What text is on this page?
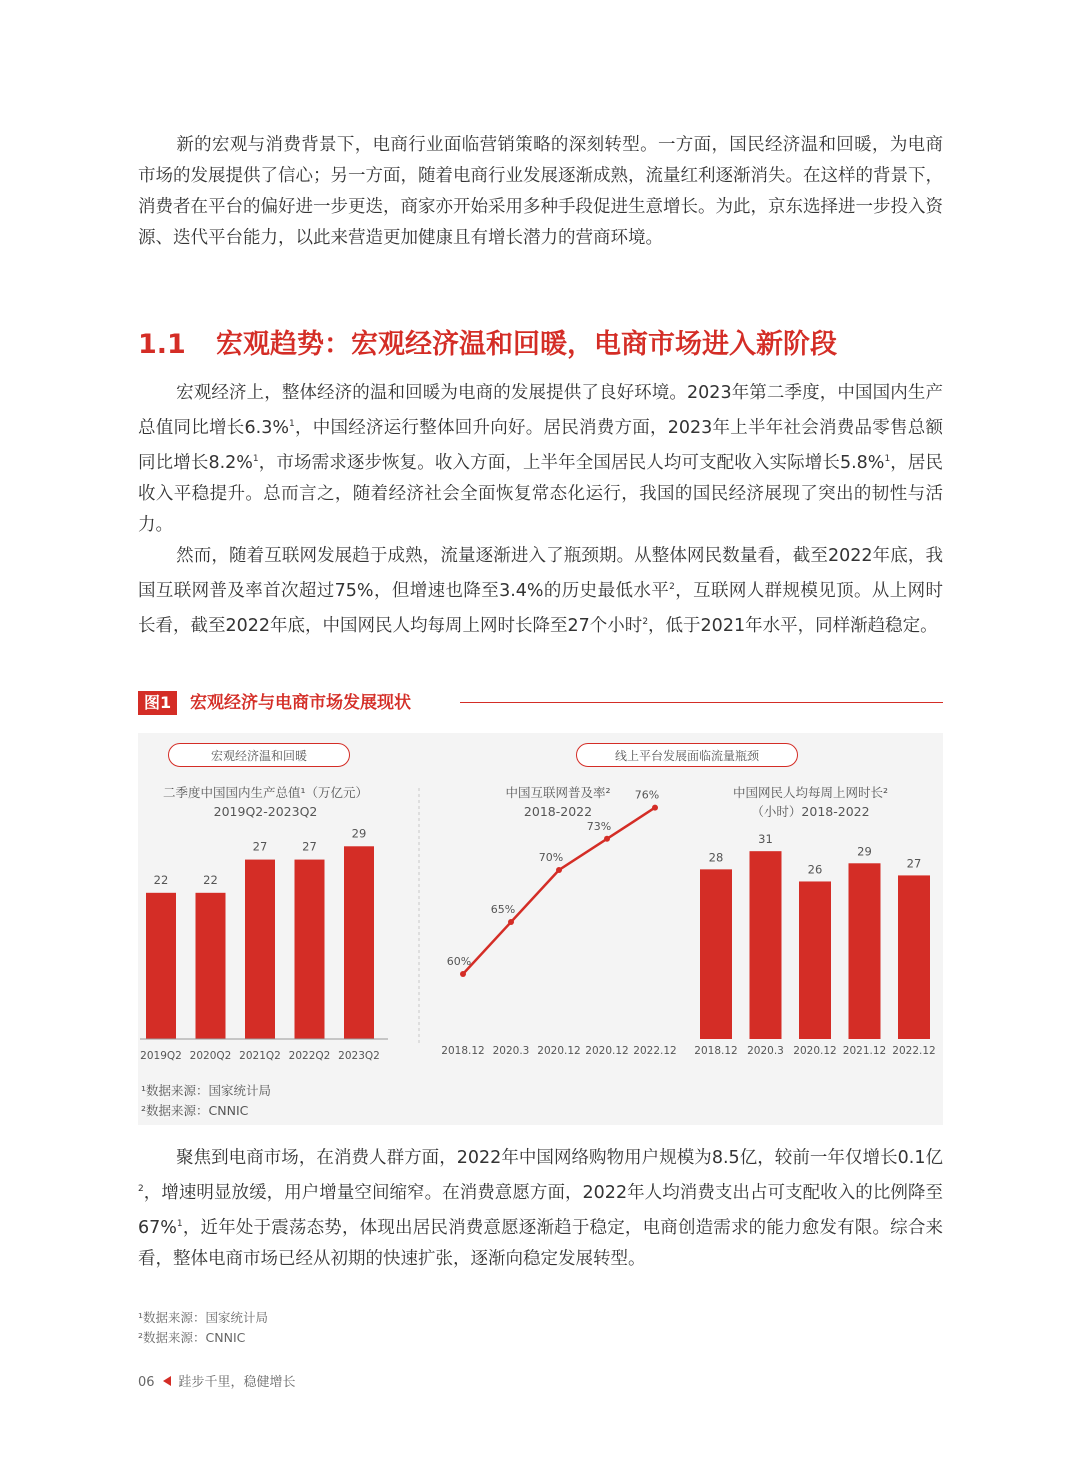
新的宏观与消费背景下，电商行业面临营销策略的深刻转型。一方面，国民经济温和回暖，为电商市场的发展提供了信心；另一方面，随着电商行业发展逐渐成熟，流量红利逐渐消失。在这样的背景下，消费者在平台的偏好进一步更迭，商家亦开始采用多种手段促进生意增长。为此，京东选择进一步投入资源、迭代平台能力，以此来营造更加健康且有增长潜力的营商环境。

1.1 宏观趋势：宏观经济温和回暖，电商市场进入新阶段

宏观经济上，整体经济的温和回暖为电商的发展提供了良好环境。2023年第二季度，中国国内生产总值同比增长6.3%$^1$，中国经济运行整体回升向好。居民消费方面，2023年上半年社会消费品零售总额同比增长8.2%$^1$，市场需求逐步恢复。收入方面，上半年全国居民人均可支配收入实际增长5.8%$^1$，居民收入平稳提升。总而言之，随着经济社会全面恢复常态化运行，我国的国民经济展现了突出的韧性与活力。

然而，随着互联网发展趋于成熟，流量逐渐进入了瓶颈期。从整体网民数量看，截至2022年底，我国互联网普及率首次超过75%，但增速也降至3.4%的历史最低水平$^2$，互联网人群规模见顶。从上网时长看，截至2022年底，中国网民人均每周上网时长降至27个小时$^2$，低于2021年水平，同样渐趋稳定。

图1	宏观经济与电商市场发展现状
22
2019Q2
22
2020Q2
27
2021Q2
27
2022Q2
29
2023Q2
60%
2018.12
65%
2020.3
70%
2020.12
73%
2020.12
76%
2022.12
28
2018.12
31
2020.3
26
2020.12
29
2021.12
27
2022.12
宏观经济温和回暖	线上平台发展面临流量瓶颈
二季度中国国内生产总值¹（万亿元）
2019Q2-2023Q2
中国互联网普及率²
2018-2022
中国网民人均每周上网时长²
（小时）2018-2022
¹数据来源：国家统计局
²数据来源：CNNIC

聚焦到电商市场，在消费人群方面，2022年中国网络购物用户规模为8.5亿，较前一年仅增长0.1亿$^2$，增速明显放缓，用户增量空间缩窄。在消费意愿方面，2022年人均消费支出占可支配收入的比例降至67%$^1$，近年处于震荡态势，体现出居民消费意愿逐渐趋于稳定，电商创造需求的能力愈发有限。综合来看，整体电商市场已经从初期的快速扩张，逐渐向稳定发展转型。

¹数据来源：国家统计局
²数据来源：CNNIC
06 跬步千里，稳健增长
